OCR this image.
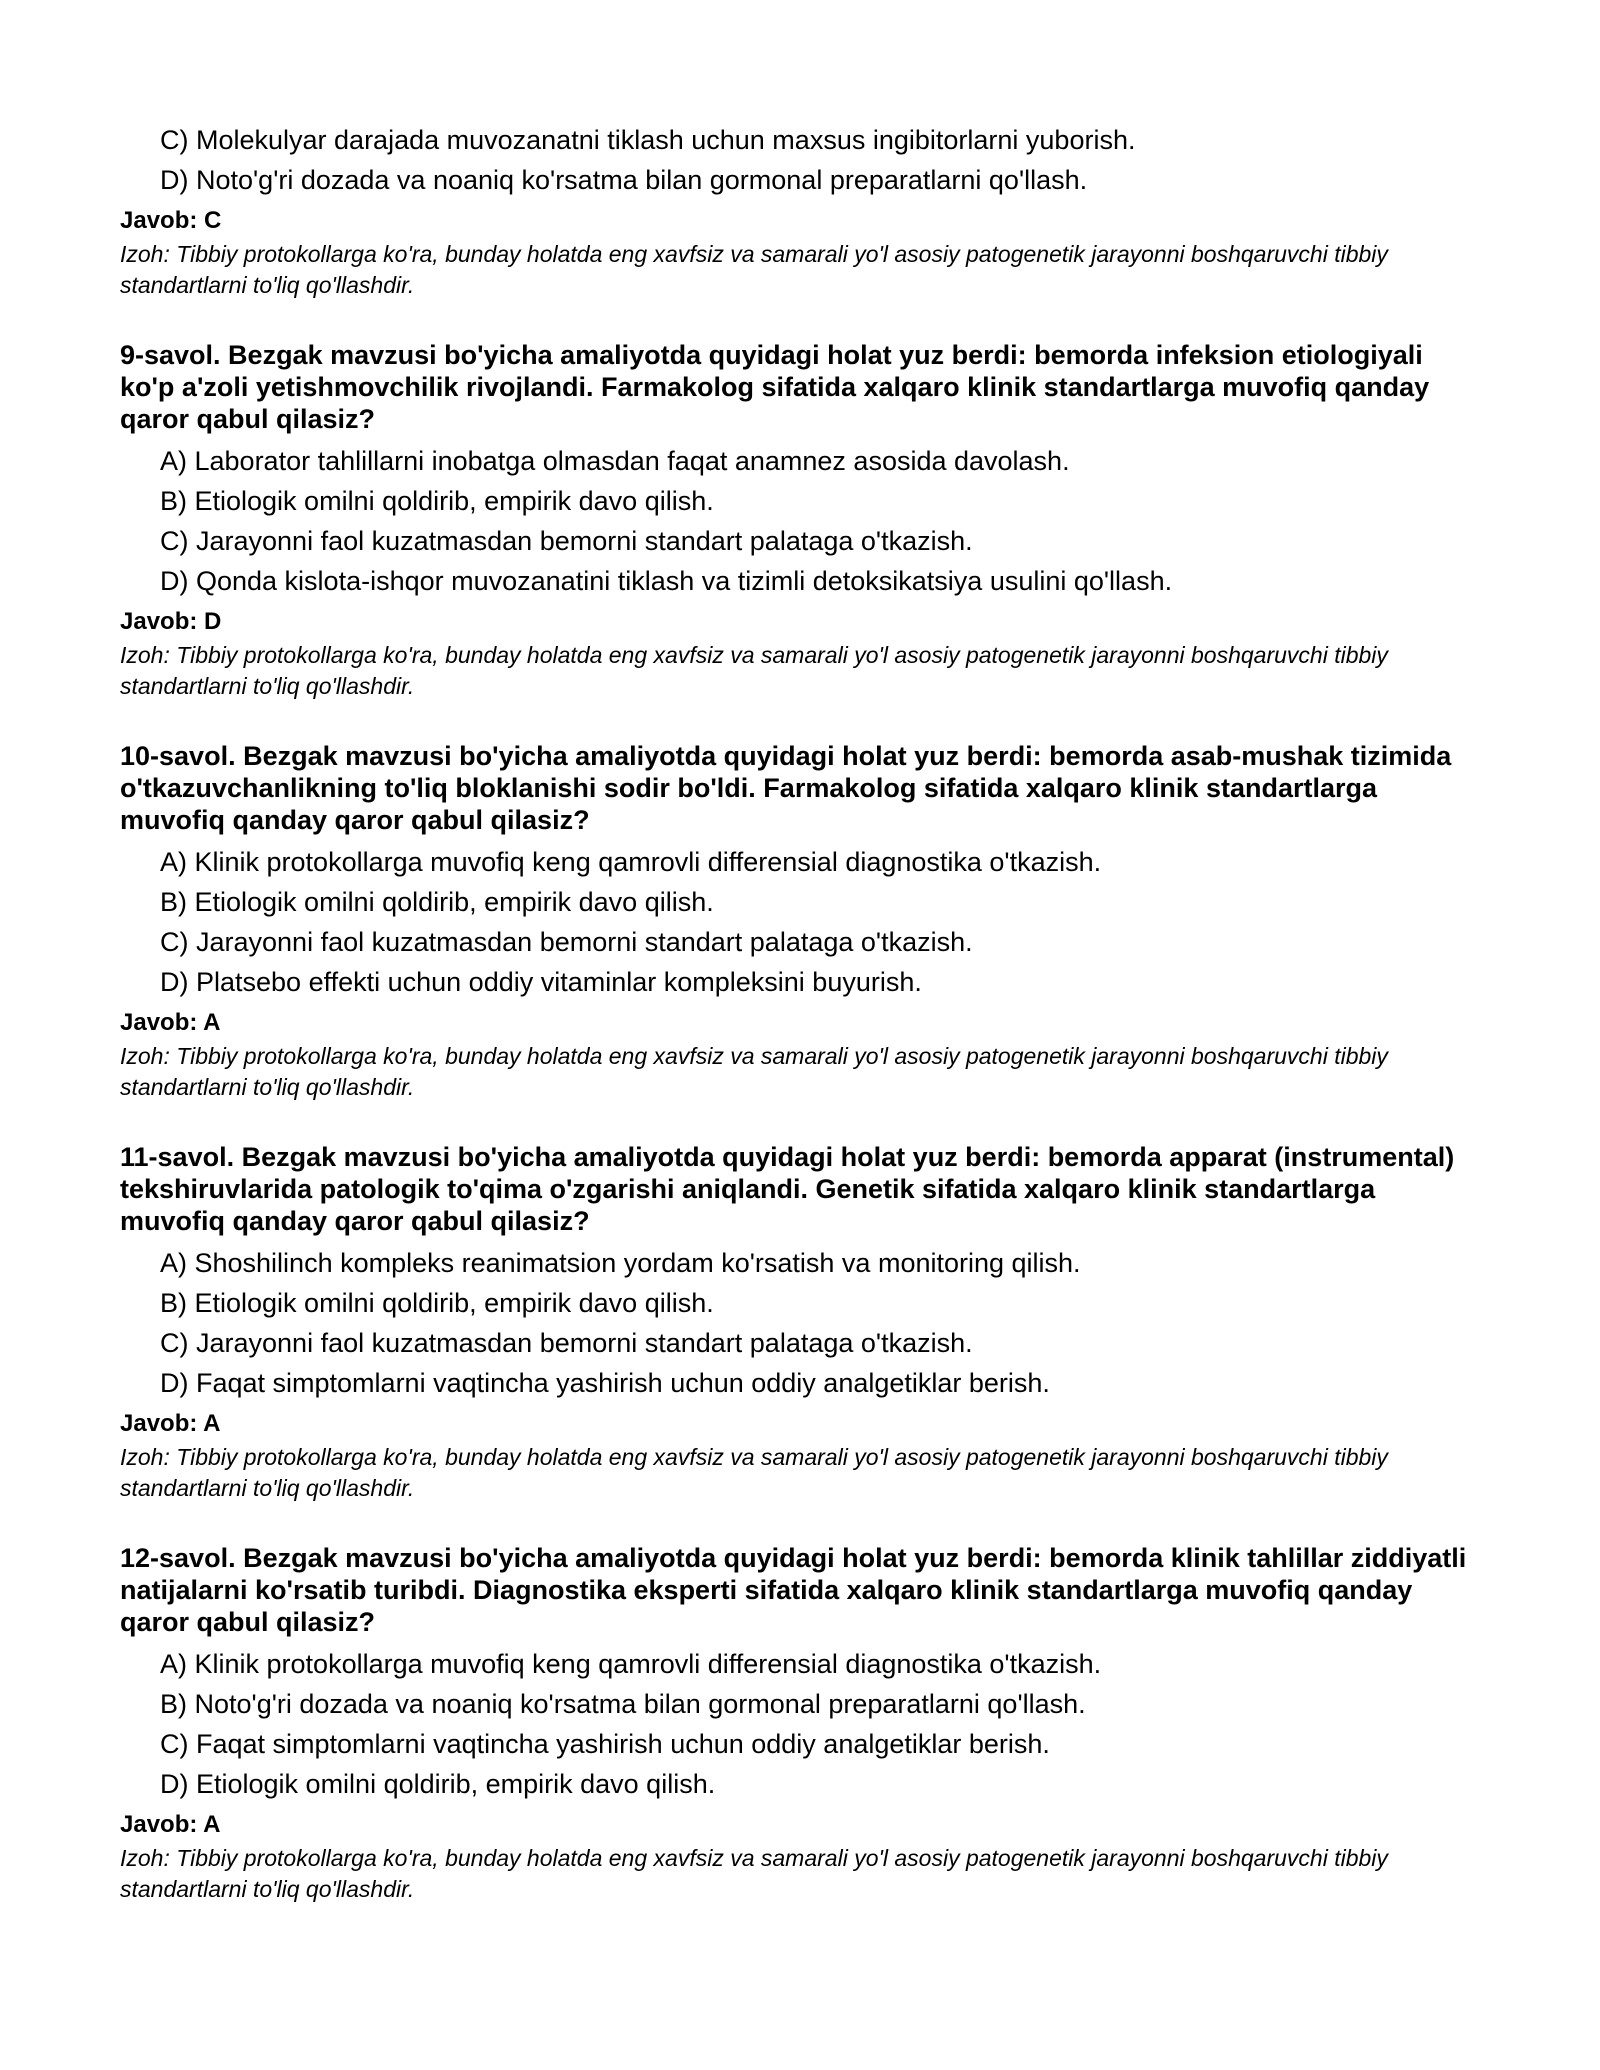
C) Molekulyar darajada muvozanatni tiklash uchun maxsus ingibitorlarni yuborish.
D) Noto'g'ri dozada va noaniq ko'rsatma bilan gormonal preparatlarni qo'llash.
Javob: C
Izoh: Tibbiy protokollarga ko'ra, bunday holatda eng xavfsiz va samarali yo'l asosiy patogenetik jarayonni boshqaruvchi tibbiy standartlarni to'liq qo'llashdir.
9-savol. Bezgak mavzusi bo'yicha amaliyotda quyidagi holat yuz berdi: bemorda infeksion etiologiyali ko'p a'zoli yetishmovchilik rivojlandi. Farmakolog sifatida xalqaro klinik standartlarga muvofiq qanday qaror qabul qilasiz?
A) Laborator tahlillarni inobatga olmasdan faqat anamnez asosida davolash.
B) Etiologik omilni qoldirib, empirik davo qilish.
C) Jarayonni faol kuzatmasdan bemorni standart palataga o'tkazish.
D) Qonda kislota-ishqor muvozanatini tiklash va tizimli detoksikatsiya usulini qo'llash.
Javob: D
Izoh: Tibbiy protokollarga ko'ra, bunday holatda eng xavfsiz va samarali yo'l asosiy patogenetik jarayonni boshqaruvchi tibbiy standartlarni to'liq qo'llashdir.
10-savol. Bezgak mavzusi bo'yicha amaliyotda quyidagi holat yuz berdi: bemorda asab-mushak tizimida o'tkazuvchanlikning to'liq bloklanishi sodir bo'ldi. Farmakolog sifatida xalqaro klinik standartlarga muvofiq qanday qaror qabul qilasiz?
A) Klinik protokollarga muvofiq keng qamrovli differensial diagnostika o'tkazish.
B) Etiologik omilni qoldirib, empirik davo qilish.
C) Jarayonni faol kuzatmasdan bemorni standart palataga o'tkazish.
D) Platsebo effekti uchun oddiy vitaminlar kompleksini buyurish.
Javob: A
Izoh: Tibbiy protokollarga ko'ra, bunday holatda eng xavfsiz va samarali yo'l asosiy patogenetik jarayonni boshqaruvchi tibbiy standartlarni to'liq qo'llashdir.
11-savol. Bezgak mavzusi bo'yicha amaliyotda quyidagi holat yuz berdi: bemorda apparat (instrumental) tekshiruvlarida patologik to'qima o'zgarishi aniqlandi. Genetik sifatida xalqaro klinik standartlarga muvofiq qanday qaror qabul qilasiz?
A) Shoshilinch kompleks reanimatsion yordam ko'rsatish va monitoring qilish.
B) Etiologik omilni qoldirib, empirik davo qilish.
C) Jarayonni faol kuzatmasdan bemorni standart palataga o'tkazish.
D) Faqat simptomlarni vaqtincha yashirish uchun oddiy analgetiklar berish.
Javob: A
Izoh: Tibbiy protokollarga ko'ra, bunday holatda eng xavfsiz va samarali yo'l asosiy patogenetik jarayonni boshqaruvchi tibbiy standartlarni to'liq qo'llashdir.
12-savol. Bezgak mavzusi bo'yicha amaliyotda quyidagi holat yuz berdi: bemorda klinik tahlillar ziddiyatli natijalarni ko'rsatib turibdi. Diagnostika eksperti sifatida xalqaro klinik standartlarga muvofiq qanday qaror qabul qilasiz?
A) Klinik protokollarga muvofiq keng qamrovli differensial diagnostika o'tkazish.
B) Noto'g'ri dozada va noaniq ko'rsatma bilan gormonal preparatlarni qo'llash.
C) Faqat simptomlarni vaqtincha yashirish uchun oddiy analgetiklar berish.
D) Etiologik omilni qoldirib, empirik davo qilish.
Javob: A
Izoh: Tibbiy protokollarga ko'ra, bunday holatda eng xavfsiz va samarali yo'l asosiy patogenetik jarayonni boshqaruvchi tibbiy standartlarni to'liq qo'llashdir.
